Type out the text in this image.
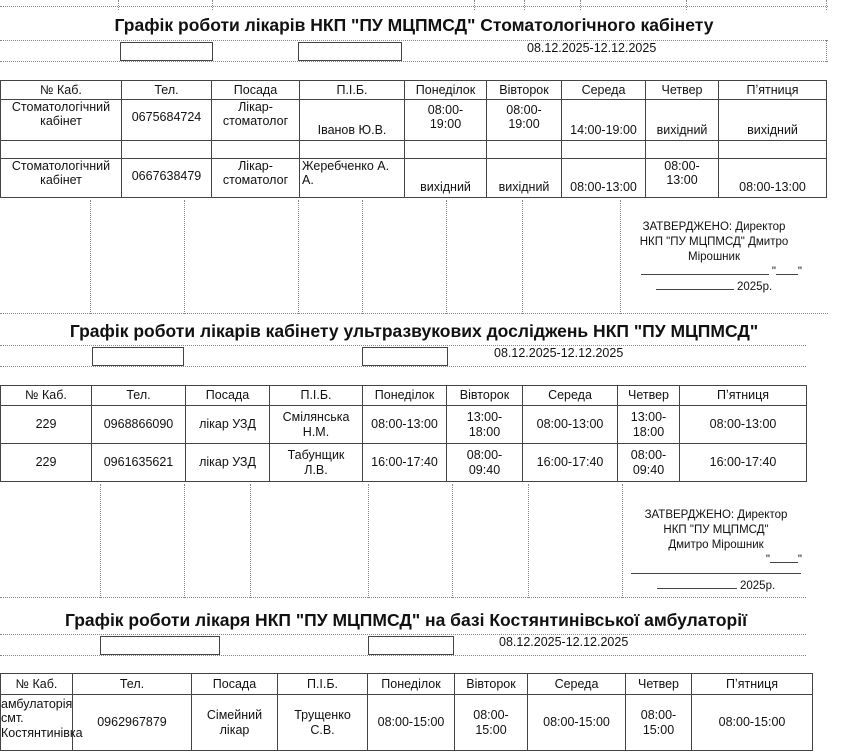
Графік роботи лікарів НКП "ПУ МЦПМСД" Стоматологічного кабінету
08.12.2025-12.12.2025
№ Каб.	Тел.	Посада	П.І.Б.	Понеділок	Вівторок	Середа	Четвер	Пʼятниця
Стоматологічний кабінет	0675684724	Лікар-стоматолог	Іванов Ю.В.	08:00-19:00	08:00-19:00	14:00-19:00	вихідний	вихідний

Стоматологічний кабінет	0667638479	Лікар-стоматолог	Жеребченко А. А.	вихідний	вихідний	08:00-13:00	08:00-13:00	08:00-13:00
ЗАТВЕРДЖЕНО: Директор
НКП "ПУ МЦПМСД" Дмитро
Мірошник
" "
2025р.
Графік роботи лікарів кабінету ультразвукових досліджень НКП "ПУ МЦПМСД"
08.12.2025-12.12.2025
№ Каб.	Тел.	Посада	П.І.Б.	Понеділок	Вівторок	Середа	Четвер	Пʼятниця
229	0968866090	лікар УЗД	Смілянська Н.М.	08:00-13:00	13:00-18:00	08:00-13:00	13:00-18:00	08:00-13:00
229	0961635621	лікар УЗД	Табунщик Л.В.	16:00-17:40	08:00-09:40	16:00-17:40	08:00-09:40	16:00-17:40
ЗАТВЕРДЖЕНО: Директор
НКП "ПУ МЦПМСД"
Дмитро Мірошник
" "
2025р.
Графік роботи лікаря НКП "ПУ МЦПМСД" на базі Костянтинівської амбулаторії
08.12.2025-12.12.2025
№ Каб.	Тел.	Посада	П.І.Б.	Понеділок	Вівторок	Середа	Четвер	Пʼятниця
амбулаторія смт. Костянтинівка	0962967879	Сімейний лікар	Трущенко С.В.	08:00-15:00	08:00-15:00	08:00-15:00	08:00-15:00	08:00-15:00
